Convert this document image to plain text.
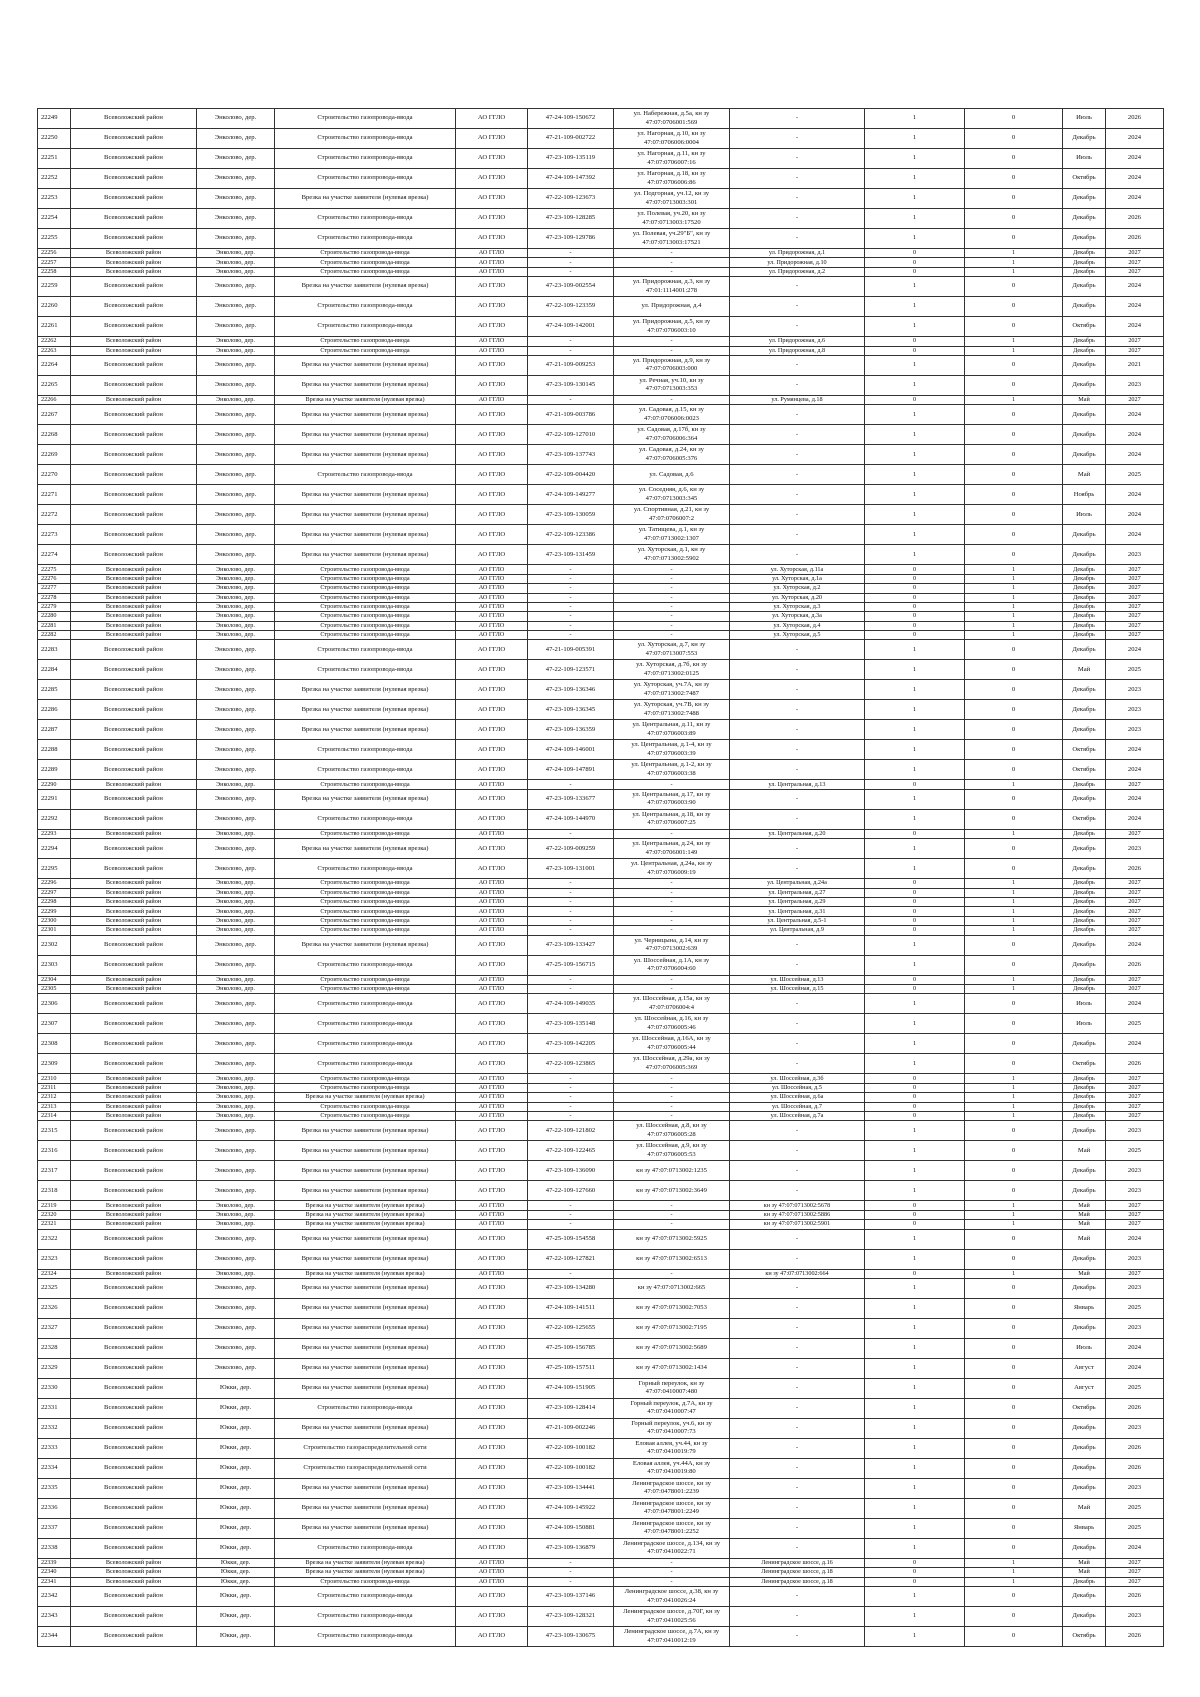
22249	Всеволожский район	Энколово, дер.	Строительство газопровода-ввода	АО ГГЛО	47-24-109-150672	ул. Набережная, д.5а, кн зу 47:07:0706001:569	-	1	0	Июль	2026
22250	Всеволожский район	Энколово, дер.	Строительство газопровода-ввода	АО ГГЛО	47-21-109-002722	ул. Нагорная, д.10, кн зу 47:07:0706006:0004	-	1	0	Декабрь	2024
22251	Всеволожский район	Энколово, дер.	Строительство газопровода-ввода	АО ГГЛО	47-23-109-135119	ул. Нагорная, д.11, кн зу 47:07:0706007:16	-	1	0	Июль	2024
22252	Всеволожский район	Энколово, дер.	Строительство газопровода-ввода	АО ГГЛО	47-24-109-147392	ул. Нагорная, д.18, кн зу 47:07:0706006:86	-	1	0	Октябрь	2024
22253	Всеволожский район	Энколово, дер.	Врезка на участке заявителя (нулевая врезка)	АО ГГЛО	47-22-109-123673	ул. Подгорная, уч.12, кн зу 47:07:0713003:301	-	1	0	Декабрь	2024
22254	Всеволожский район	Энколово, дер.	Строительство газопровода-ввода	АО ГГЛО	47-23-109-128285	ул. Полевая, уч.20, кн зу 47:07:0713003:17520	-	1	0	Декабрь	2026
22255	Всеволожский район	Энколово, дер.	Строительство газопровода-ввода	АО ГГЛО	47-23-109-129786	ул. Полевая, уч.29"Б", кн зу 47:07:0713003:17521	-	1	0	Декабрь	2026
22256	Всеволожский район	Энколово, дер.	Строительство газопровода-ввода	АО ГГЛО	-	-	ул. Придорожная, д.1	0	1	Декабрь	2027
22257	Всеволожский район	Энколово, дер.	Строительство газопровода-ввода	АО ГГЛО	-	-	ул. Придорожная, д.10	0	1	Декабрь	2027
22258	Всеволожский район	Энколово, дер.	Строительство газопровода-ввода	АО ГГЛО	-	-	ул. Придорожная, д.2	0	1	Декабрь	2027
22259	Всеволожский район	Энколово, дер.	Врезка на участке заявителя (нулевая врезка)	АО ГГЛО	47-23-109-002554	ул. Придорожная, д.3, кн зу 47:01:1114001:278	-	1	0	Декабрь	2024
22260	Всеволожский район	Энколово, дер.	Строительство газопровода-ввода	АО ГГЛО	47-22-109-123359	ул. Придорожная, д.4	-	1	0	Декабрь	2024
22261	Всеволожский район	Энколово, дер.	Строительство газопровода-ввода	АО ГГЛО	47-24-109-142001	ул. Придорожная, д.5, кн зу 47:07:0706003:10	-	1	0	Октябрь	2024
22262	Всеволожский район	Энколово, дер.	Строительство газопровода-ввода	АО ГГЛО	-	-	ул. Придорожная, д.6	0	1	Декабрь	2027
22263	Всеволожский район	Энколово, дер.	Строительство газопровода-ввода	АО ГГЛО	-	-	ул. Придорожная, д.8	0	1	Декабрь	2027
22264	Всеволожский район	Энколово, дер.	Врезка на участке заявителя (нулевая врезка)	АО ГГЛО	47-21-109-009253	ул. Придорожная, д.9, кн зу 47:07:0706003:000	-	1	0	Декабрь	2021
22265	Всеволожский район	Энколово, дер.	Врезка на участке заявителя (нулевая врезка)	АО ГГЛО	47-23-109-130145	ул. Речная, уч.10, кн зу 47:07:0713003:353	-	1	0	Декабрь	2023
22266	Всеволожский район	Энколово, дер.	Врезка на участке заявителя (нулевая врезка)	АО ГГЛО	-	-	ул. Румянцева, д.18	0	1	Май	2027
22267	Всеволожский район	Энколово, дер.	Врезка на участке заявителя (нулевая врезка)	АО ГГЛО	47-21-109-003786	ул. Садовая, д.15, кн зу 47:07:0706006:0023	-	1	0	Декабрь	2024
22268	Всеволожский район	Энколово, дер.	Врезка на участке заявителя (нулевая врезка)	АО ГГЛО	47-22-109-127010	ул. Садовая, д.17б, кн зу 47:07:0706006:364	-	1	0	Декабрь	2024
22269	Всеволожский район	Энколово, дер.	Врезка на участке заявителя (нулевая врезка)	АО ГГЛО	47-23-109-137743	ул. Садовая, д.24, кн зу 47:07:0706005:376	-	1	0	Декабрь	2024
22270	Всеволожский район	Энколово, дер.	Строительство газопровода-ввода	АО ГГЛО	47-22-109-004420	ул. Садовая, д.6	-	1	0	Май	2025
22271	Всеволожский район	Энколово, дер.	Врезка на участке заявителя (нулевая врезка)	АО ГГЛО	47-24-109-149277	ул. Соседняя, д.6, кн зу 47:07:0713003:345	-	1	0	Ноябрь	2024
22272	Всеволожский район	Энколово, дер.	Врезка на участке заявителя (нулевая врезка)	АО ГГЛО	47-23-109-130059	ул. Спортивная, д.21, кн зу 47:07:0706007:2	-	1	0	Июль	2024
22273	Всеволожский район	Энколово, дер.	Врезка на участке заявителя (нулевая врезка)	АО ГГЛО	47-22-109-123386	ул. Татищева, д.1, кн зу 47:07:0713002:1307	-	1	0	Декабрь	2024
22274	Всеволожский район	Энколово, дер.	Врезка на участке заявителя (нулевая врезка)	АО ГГЛО	47-23-109-131459	ул. Хуторская, д.1, кн зу 47:07:0713002:5902	-	1	0	Декабрь	2023
22275	Всеволожский район	Энколово, дер.	Строительство газопровода-ввода	АО ГГЛО	-	-	ул. Хуторская, д.11а	0	1	Декабрь	2027
22276	Всеволожский район	Энколово, дер.	Строительство газопровода-ввода	АО ГГЛО	-	-	ул. Хуторская, д.1а	0	1	Декабрь	2027
22277	Всеволожский район	Энколово, дер.	Строительство газопровода-ввода	АО ГГЛО	-	-	ул. Хуторская, д.2	0	1	Декабрь	2027
22278	Всеволожский район	Энколово, дер.	Строительство газопровода-ввода	АО ГГЛО	-	-	ул. Хуторская, д.20	0	1	Декабрь	2027
22279	Всеволожский район	Энколово, дер.	Строительство газопровода-ввода	АО ГГЛО	-	-	ул. Хуторская, д.3	0	1	Декабрь	2027
22280	Всеволожский район	Энколово, дер.	Строительство газопровода-ввода	АО ГГЛО	-	-	ул. Хуторская, д.3а	0	1	Декабрь	2027
22281	Всеволожский район	Энколово, дер.	Строительство газопровода-ввода	АО ГГЛО	-	-	ул. Хуторская, д.4	0	1	Декабрь	2027
22282	Всеволожский район	Энколово, дер.	Строительство газопровода-ввода	АО ГГЛО	-	-	ул. Хуторская, д.5	0	1	Декабрь	2027
22283	Всеволожский район	Энколово, дер.	Строительство газопровода-ввода	АО ГГЛО	47-21-109-005391	ул. Хуторская, д.7, кн зу 47:07:0713007:553	-	1	0	Декабрь	2024
22284	Всеволожский район	Энколово, дер.	Строительство газопровода-ввода	АО ГГЛО	47-22-109-123571	ул. Хуторская, д.7б, кн зу 47:07:0713002:0125	-	1	0	Май	2025
22285	Всеволожский район	Энколово, дер.	Врезка на участке заявителя (нулевая врезка)	АО ГГЛО	47-23-109-136346	ул. Хуторская, уч.7А, кн зу 47:07:0713002:7487	-	1	0	Декабрь	2023
22286	Всеволожский район	Энколово, дер.	Врезка на участке заявителя (нулевая врезка)	АО ГГЛО	47-23-109-136345	ул. Хуторская, уч.7В, кн зу 47:07:0713002:7488	-	1	0	Декабрь	2023
22287	Всеволожский район	Энколово, дер.	Врезка на участке заявителя (нулевая врезка)	АО ГГЛО	47-23-109-136359	ул. Центральная, д.11, кн зу 47:07:0706003:89	-	1	0	Декабрь	2023
22288	Всеволожский район	Энколово, дер.	Строительство газопровода-ввода	АО ГГЛО	47-24-109-146001	ул. Центральная, д.1-4, кн зу 47:07:0706003:39	-	1	0	Октябрь	2024
22289	Всеволожский район	Энколово, дер.	Строительство газопровода-ввода	АО ГГЛО	47-24-109-147891	ул. Центральная, д.1-2, кн зу 47:07:0706003:38	-	1	0	Октябрь	2024
22290	Всеволожский район	Энколово, дер.	Строительство газопровода-ввода	АО ГГЛО	-	-	ул. Центральная, д.13	0	1	Декабрь	2027
22291	Всеволожский район	Энколово, дер.	Врезка на участке заявителя (нулевая врезка)	АО ГГЛО	47-23-109-133677	ул. Центральная, д.17, кн зу 47:07:0706003:90	-	1	0	Декабрь	2024
22292	Всеволожский район	Энколово, дер.	Строительство газопровода-ввода	АО ГГЛО	47-24-109-144970	ул. Центральная, д.18, кн зу 47:07:0706007:25	-	1	0	Октябрь	2024
22293	Всеволожский район	Энколово, дер.	Строительство газопровода-ввода	АО ГГЛО	-	-	ул. Центральная, д.20	0	1	Декабрь	2027
22294	Всеволожский район	Энколово, дер.	Врезка на участке заявителя (нулевая врезка)	АО ГГЛО	47-22-109-009259	ул. Центральная, д.24, кн зу 47:07:0706001:149	-	1	0	Декабрь	2023
22295	Всеволожский район	Энколово, дер.	Строительство газопровода-ввода	АО ГГЛО	47-23-109-131001	ул. Центральная, д.24а, кн зу 47:07:0706009:19	-	1	0	Декабрь	2026
22296	Всеволожский район	Энколово, дер.	Строительство газопровода-ввода	АО ГГЛО	-	-	ул. Центральная, д.24а	0	1	Декабрь	2027
22297	Всеволожский район	Энколово, дер.	Строительство газопровода-ввода	АО ГГЛО	-	-	ул. Центральная, д.27	0	1	Декабрь	2027
22298	Всеволожский район	Энколово, дер.	Строительство газопровода-ввода	АО ГГЛО	-	-	ул. Центральная, д.29	0	1	Декабрь	2027
22299	Всеволожский район	Энколово, дер.	Строительство газопровода-ввода	АО ГГЛО	-	-	ул. Центральная, д.31	0	1	Декабрь	2027
22300	Всеволожский район	Энколово, дер.	Строительство газопровода-ввода	АО ГГЛО	-	-	ул. Центральная, д.5-1	0	1	Декабрь	2027
22301	Всеволожский район	Энколово, дер.	Строительство газопровода-ввода	АО ГГЛО	-	-	ул. Центральная, д.9	0	1	Декабрь	2027
22302	Всеволожский район	Энколово, дер.	Врезка на участке заявителя (нулевая врезка)	АО ГГЛО	47-23-109-133427	ул. Черницына, д.14, кн зу 47:07:0713002:639	-	1	0	Декабрь	2024
22303	Всеволожский район	Энколово, дер.	Строительство газопровода-ввода	АО ГГЛО	47-25-109-156715	ул. Шоссейная, д.1А, кн зу 47:07:0706004:60	-	1	0	Декабрь	2026
22304	Всеволожский район	Энколово, дер.	Строительство газопровода-ввода	АО ГГЛО	-	-	ул. Шоссейная, д.13	0	1	Декабрь	2027
22305	Всеволожский район	Энколово, дер.	Строительство газопровода-ввода	АО ГГЛО	-	-	ул. Шоссейная, д.15	0	1	Декабрь	2027
22306	Всеволожский район	Энколово, дер.	Строительство газопровода-ввода	АО ГГЛО	47-24-109-149035	ул. Шоссейная, д.15а, кн зу 47:07:0706004:4	-	1	0	Июль	2024
22307	Всеволожский район	Энколово, дер.	Строительство газопровода-ввода	АО ГГЛО	47-23-109-135148	ул. Шоссейная, д.16, кн зу 47:07:0706005:46	-	1	0	Июль	2025
22308	Всеволожский район	Энколово, дер.	Строительство газопровода-ввода	АО ГГЛО	47-23-109-142205	ул. Шоссейная, д.16А, кн зу 47:07:0706005:44	-	1	0	Декабрь	2024
22309	Всеволожский район	Энколово, дер.	Строительство газопровода-ввода	АО ГГЛО	47-22-109-123865	ул. Шоссейная, д.29а, кн зу 47:07:0706005:369	-	1	0	Октябрь	2026
22310	Всеволожский район	Энколово, дер.	Строительство газопровода-ввода	АО ГГЛО	-	-	ул. Шоссейная, д.3б	0	1	Декабрь	2027
22311	Всеволожский район	Энколово, дер.	Строительство газопровода-ввода	АО ГГЛО	-	-	ул. Шоссейная, д.5	0	1	Декабрь	2027
22312	Всеволожский район	Энколово, дер.	Врезка на участке заявителя (нулевая врезка)	АО ГГЛО	-	-	ул. Шоссейная, д.6а	0	1	Декабрь	2027
22313	Всеволожский район	Энколово, дер.	Строительство газопровода-ввода	АО ГГЛО	-	-	ул. Шоссейная, д.7	0	1	Декабрь	2027
22314	Всеволожский район	Энколово, дер.	Строительство газопровода-ввода	АО ГГЛО	-	-	ул. Шоссейная, д.7а	0	1	Декабрь	2027
22315	Всеволожский район	Энколово, дер.	Врезка на участке заявителя (нулевая врезка)	АО ГГЛО	47-22-109-121802	ул. Шоссейная, д.8, кн зу 47:07:0706005:28	-	1	0	Декабрь	2023
22316	Всеволожский район	Энколово, дер.	Врезка на участке заявителя (нулевая врезка)	АО ГГЛО	47-22-109-122465	ул. Шоссейная, д.9, кн зу 47:07:0706005:53	-	1	0	Май	2025
22317	Всеволожский район	Энколово, дер.	Врезка на участке заявителя (нулевая врезка)	АО ГГЛО	47-23-109-136090	кн зу 47:07:0713002:1235	-	1	0	Декабрь	2023
22318	Всеволожский район	Энколово, дер.	Врезка на участке заявителя (нулевая врезка)	АО ГГЛО	47-22-109-127660	кн зу 47:07:0713002:3649	-	1	0	Декабрь	2023
22319	Всеволожский район	Энколово, дер.	Врезка на участке заявителя (нулевая врезка)	АО ГГЛО	-	-	кн зу 47:07:0713002:5678	0	1	Май	2027
22320	Всеволожский район	Энколово, дер.	Врезка на участке заявителя (нулевая врезка)	АО ГГЛО	-	-	кн зу 47:07:0713002:5886	0	1	Май	2027
22321	Всеволожский район	Энколово, дер.	Врезка на участке заявителя (нулевая врезка)	АО ГГЛО	-	-	кн зу 47:07:0713002:5901	0	1	Май	2027
22322	Всеволожский район	Энколово, дер.	Врезка на участке заявителя (нулевая врезка)	АО ГГЛО	47-25-109-154558	кн зу 47:07:0713002:5925	-	1	0	Май	2024
22323	Всеволожский район	Энколово, дер.	Врезка на участке заявителя (нулевая врезка)	АО ГГЛО	47-22-109-127821	кн зу 47:07:0713002:6513	-	1	0	Декабрь	2023
22324	Всеволожский район	Энколово, дер.	Врезка на участке заявителя (нулевая врезка)	АО ГГЛО	-	-	кн зу 47:07:0713002:664	0	1	Май	2027
22325	Всеволожский район	Энколово, дер.	Врезка на участке заявителя (нулевая врезка)	АО ГГЛО	47-23-109-134280	кн зу 47:07:0713002:665	-	1	0	Декабрь	2023
22326	Всеволожский район	Энколово, дер.	Врезка на участке заявителя (нулевая врезка)	АО ГГЛО	47-24-109-141511	кн зу 47:07:0713002:7053	-	1	0	Январь	2025
22327	Всеволожский район	Энколово, дер.	Врезка на участке заявителя (нулевая врезка)	АО ГГЛО	47-22-109-125655	кн зу 47:07:0713002:7195	-	1	0	Декабрь	2023
22328	Всеволожский район	Энколово, дер.	Врезка на участке заявителя (нулевая врезка)	АО ГГЛО	47-25-109-156785	кн зу 47:07:0713002:5689	-	1	0	Июль	2024
22329	Всеволожский район	Энколово, дер.	Врезка на участке заявителя (нулевая врезка)	АО ГГЛО	47-25-109-157511	кн зу 47:07:0713002:1434	-	1	0	Август	2024
22330	Всеволожский район	Юкки, дер.	Врезка на участке заявителя (нулевая врезка)	АО ГГЛО	47-24-109-151905	Горный переулок, кн зу 47:07:0410007:480	-	1	0	Август	2025
22331	Всеволожский район	Юкки, дер.	Строительство газопровода-ввода	АО ГГЛО	47-23-109-128414	Горный переулок, д.7А, кн зу 47:07:0410007:47	-	1	0	Октябрь	2026
22332	Всеволожский район	Юкки, дер.	Врезка на участке заявителя (нулевая врезка)	АО ГГЛО	47-21-109-002246	Горный переулок, уч.6, кн зу 47:07:0410007:73	-	1	0	Декабрь	2023
22333	Всеволожский район	Юкки, дер.	Строительство газораспределительной сети	АО ГГЛО	47-22-109-100182	Еловая аллея, уч.44, кн зу 47:07:0410019:79	-	1	0	Декабрь	2026
22334	Всеволожский район	Юкки, дер.	Строительство газораспределительной сети	АО ГГЛО	47-22-109-100182	Еловая аллея, уч.44А, кн зу 47:07:0410019:80	-	1	0	Декабрь	2026
22335	Всеволожский район	Юкки, дер.	Врезка на участке заявителя (нулевая врезка)	АО ГГЛО	47-23-109-134441	Ленинградское шоссе, кн зу 47:07:0478001:2239	-	1	0	Декабрь	2023
22336	Всеволожский район	Юкки, дер.	Врезка на участке заявителя (нулевая врезка)	АО ГГЛО	47-24-109-145922	Ленинградское шоссе, кн зу 47:07:0478001:2249	-	1	0	Май	2025
22337	Всеволожский район	Юкки, дер.	Врезка на участке заявителя (нулевая врезка)	АО ГГЛО	47-24-109-150881	Ленинградское шоссе, кн зу 47:07:0478001:2252	-	1	0	Январь	2025
22338	Всеволожский район	Юкки, дер.	Строительство газопровода-ввода	АО ГГЛО	47-23-109-136879	Ленинградское шоссе, д.134, кн зу 47:07:0410022:71	-	1	0	Декабрь	2024
22339	Всеволожский район	Юкки, дер.	Врезка на участке заявителя (нулевая врезка)	АО ГГЛО	-	-	Ленинградское шоссе, д.16	0	1	Май	2027
22340	Всеволожский район	Юкки, дер.	Врезка на участке заявителя (нулевая врезка)	АО ГГЛО	-	-	Ленинградское шоссе, д.18	0	1	Май	2027
22341	Всеволожский район	Юкки, дер.	Строительство газопровода-ввода	АО ГГЛО	-	-	Ленинградское шоссе, д.18	0	1	Декабрь	2027
22342	Всеволожский район	Юкки, дер.	Строительство газопровода-ввода	АО ГГЛО	47-23-109-137146	Ленинградское шоссе, д.38, кн зу 47:07:0410026:24	-	1	0	Декабрь	2026
22343	Всеволожский район	Юкки, дер.	Строительство газопровода-ввода	АО ГГЛО	47-23-109-128321	Ленинградское шоссе, д.70Г, кн зу 47:07:0410025:56	-	1	0	Декабрь	2023
22344	Всеволожский район	Юкки, дер.	Строительство газопровода-ввода	АО ГГЛО	47-23-109-130675	Ленинградское шоссе, д.7А, кн зу 47:07:0410012:19	-	1	0	Октябрь	2026
